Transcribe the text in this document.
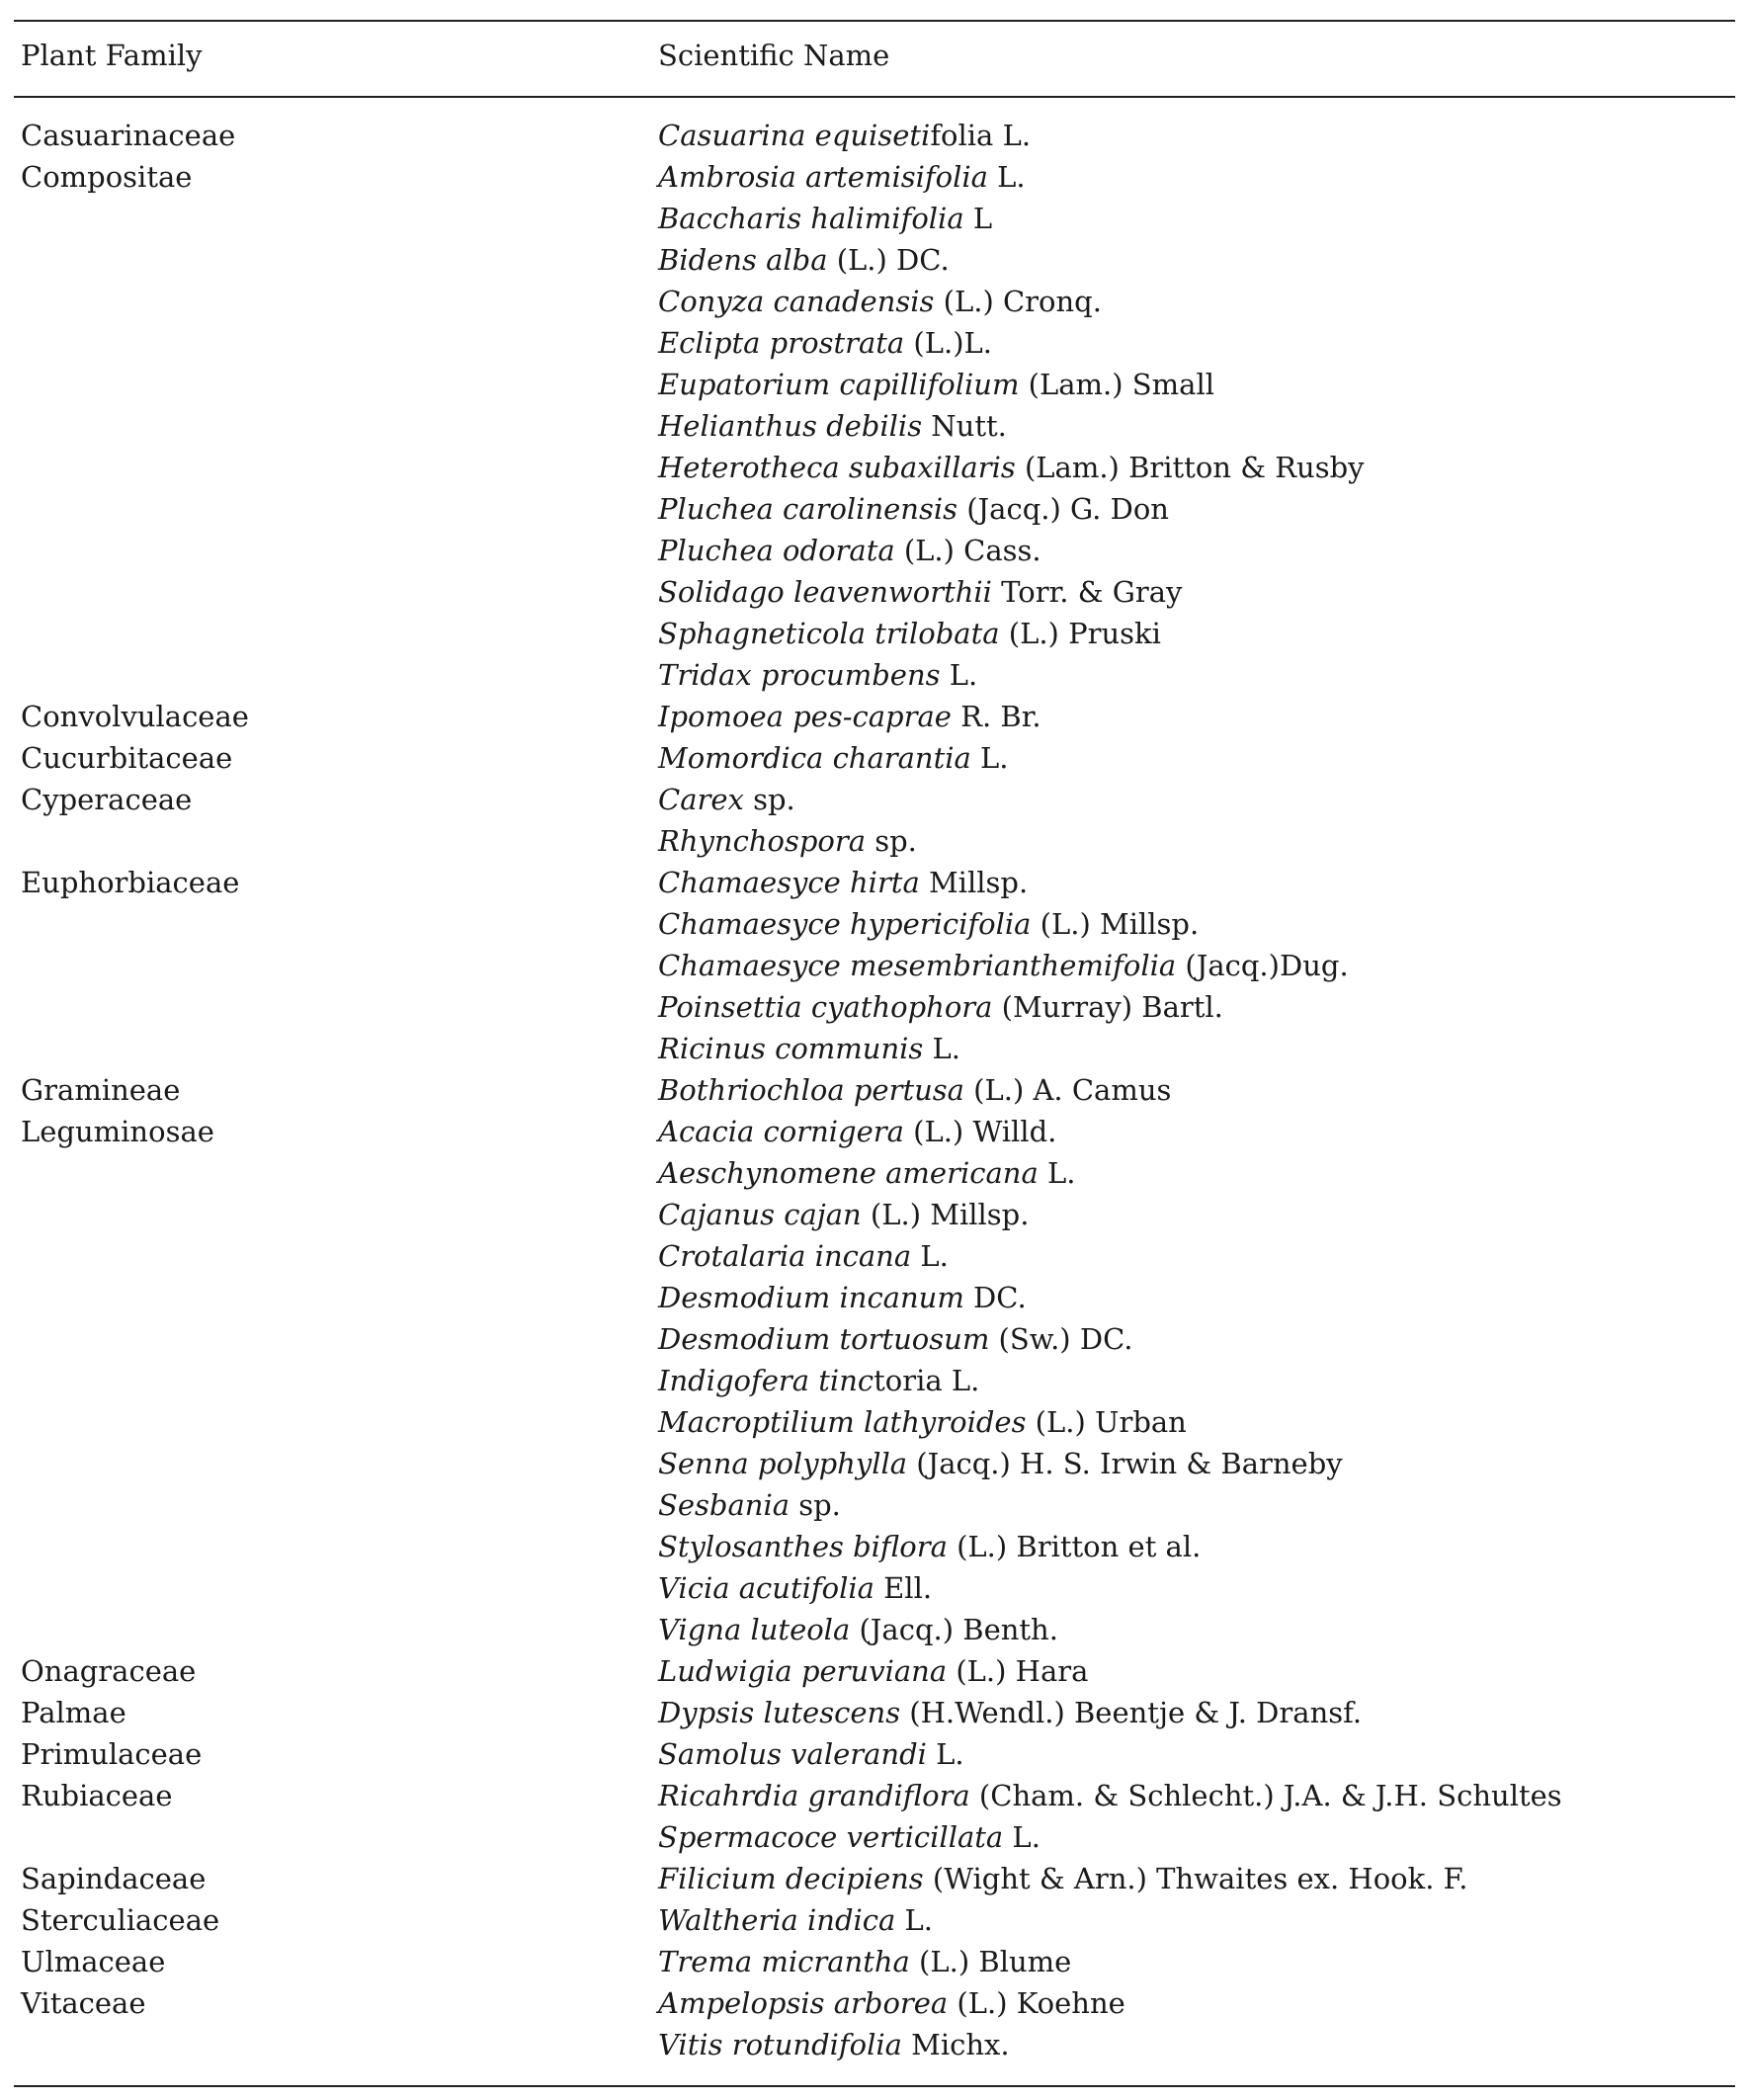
Plant Family	Scientific Name
Casuarinaceae	Casuarina equisetifolia L.
Compositae	Ambrosia artemisifolia L.
Baccharis halimifolia L
Bidens alba (L.) DC.
Conyza canadensis (L.) Cronq.
Eclipta prostrata (L.)L.
Eupatorium capillifolium (Lam.) Small
Helianthus debilis Nutt.
Heterotheca subaxillaris (Lam.) Britton & Rusby
Pluchea carolinensis (Jacq.) G. Don
Pluchea odorata (L.) Cass.
Solidago leavenworthii Torr. & Gray
Sphagneticola trilobata (L.) Pruski
Tridax procumbens L.
Convolvulaceae	Ipomoea pes-caprae R. Br.
Cucurbitaceae	Momordica charantia L.
Cyperaceae	Carex sp.
Rhynchospora sp.
Euphorbiaceae	Chamaesyce hirta Millsp.
Chamaesyce hypericifolia (L.) Millsp.
Chamaesyce mesembrianthemifolia (Jacq.)Dug.
Poinsettia cyathophora (Murray) Bartl.
Ricinus communis L.
Gramineae	Bothriochloa pertusa (L.) A. Camus
Leguminosae	Acacia cornigera (L.) Willd.
Aeschynomene americana L.
Cajanus cajan (L.) Millsp.
Crotalaria incana L.
Desmodium incanum DC.
Desmodium tortuosum (Sw.) DC.
Indigofera tinctoria L.
Macroptilium lathyroides (L.) Urban
Senna polyphylla (Jacq.) H. S. Irwin & Barneby
Sesbania sp.
Stylosanthes biflora (L.) Britton et al.
Vicia acutifolia Ell.
Vigna luteola (Jacq.) Benth.
Onagraceae	Ludwigia peruviana (L.) Hara
Palmae	Dypsis lutescens (H.Wendl.) Beentje & J. Dransf.
Primulaceae	Samolus valerandi L.
Rubiaceae	Ricahrdia grandiflora (Cham. & Schlecht.) J.A. & J.H. Schultes
Spermacoce verticillata L.
Sapindaceae	Filicium decipiens (Wight & Arn.) Thwaites ex. Hook. F.
Sterculiaceae	Waltheria indica L.
Ulmaceae	Trema micrantha (L.) Blume
Vitaceae	Ampelopsis arborea (L.) Koehne
Vitis rotundifolia Michx.
